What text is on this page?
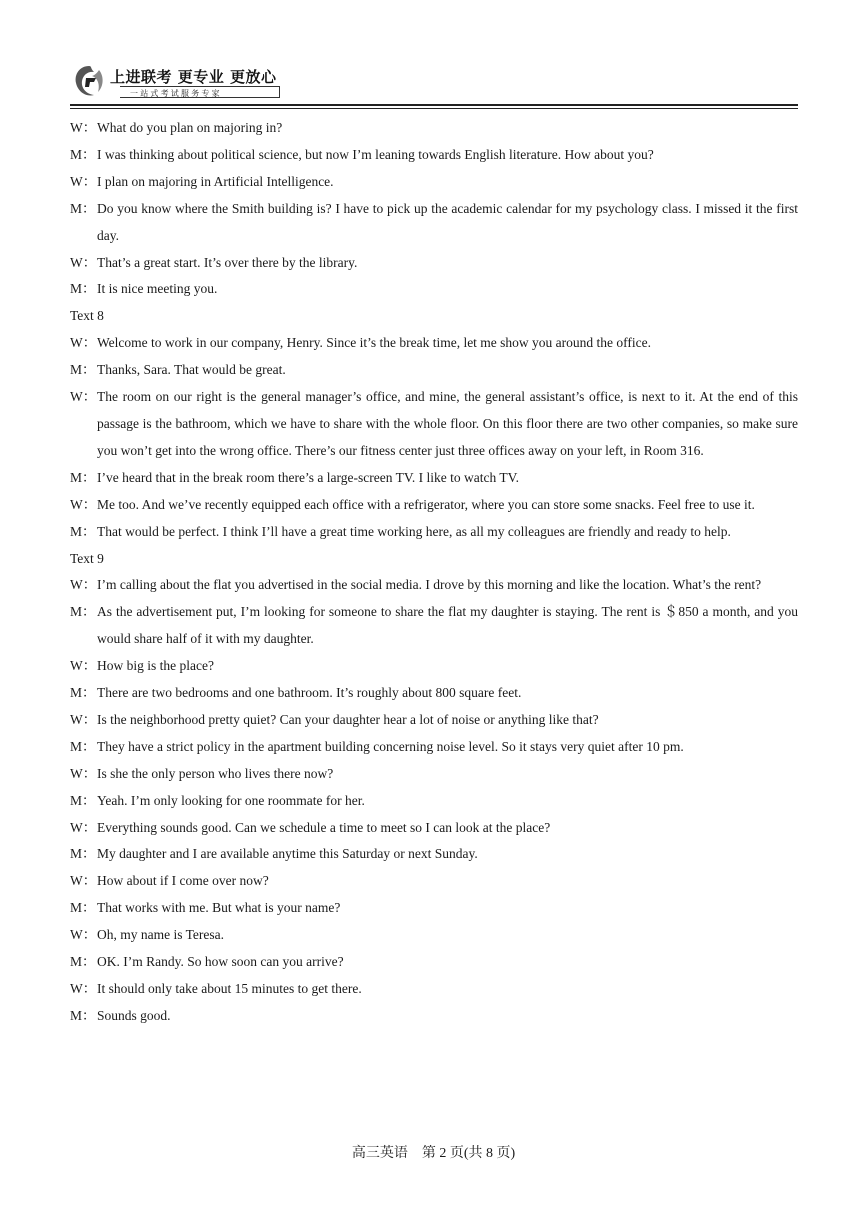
上进联考 更专业 更放心
一站式考试服务专家
W： What do you plan on majoring in?
M： I was thinking about political science, but now I’m leaning towards English literature. How about you?
W： I plan on majoring in Artificial Intelligence.
M： Do you know where the Smith building is? I have to pick up the academic calendar for my psychology class. I missed it the first day.
W： That’s a great start. It’s over there by the library.
M： It is nice meeting you.
Text 8
W： Welcome to work in our company, Henry. Since it’s the break time, let me show you around the office.
M： Thanks, Sara. That would be great.
W： The room on our right is the general manager’s office, and mine, the general assistant’s office, is next to it. At the end of this passage is the bathroom, which we have to share with the whole floor. On this floor there are two other companies, so make sure you won’t get into the wrong office. There’s our fitness center just three offices away on your left, in Room 316.
M： I’ve heard that in the break room there’s a large-screen TV. I like to watch TV.
W： Me too. And we’ve recently equipped each office with a refrigerator, where you can store some snacks. Feel free to use it.
M： That would be perfect. I think I’ll have a great time working here, as all my colleagues are friendly and ready to help.
Text 9
W： I’m calling about the flat you advertised in the social media. I drove by this morning and like the location. What’s the rent?
M： As the advertisement put, I’m looking for someone to share the flat my daughter is staying. The rent is ＄850 a month, and you would share half of it with my daughter.
W： How big is the place?
M： There are two bedrooms and one bathroom. It’s roughly about 800 square feet.
W： Is the neighborhood pretty quiet? Can your daughter hear a lot of noise or anything like that?
M： They have a strict policy in the apartment building concerning noise level. So it stays very quiet after 10 pm.
W： Is she the only person who lives there now?
M： Yeah. I’m only looking for one roommate for her.
W： Everything sounds good. Can we schedule a time to meet so I can look at the place?
M： My daughter and I are available anytime this Saturday or next Sunday.
W： How about if I come over now?
M： That works with me. But what is your name?
W： Oh, my name is Teresa.
M： OK. I’m Randy. So how soon can you arrive?
W： It should only take about 15 minutes to get there.
M： Sounds good.
高三英语　第 2 页(共 8 页)
